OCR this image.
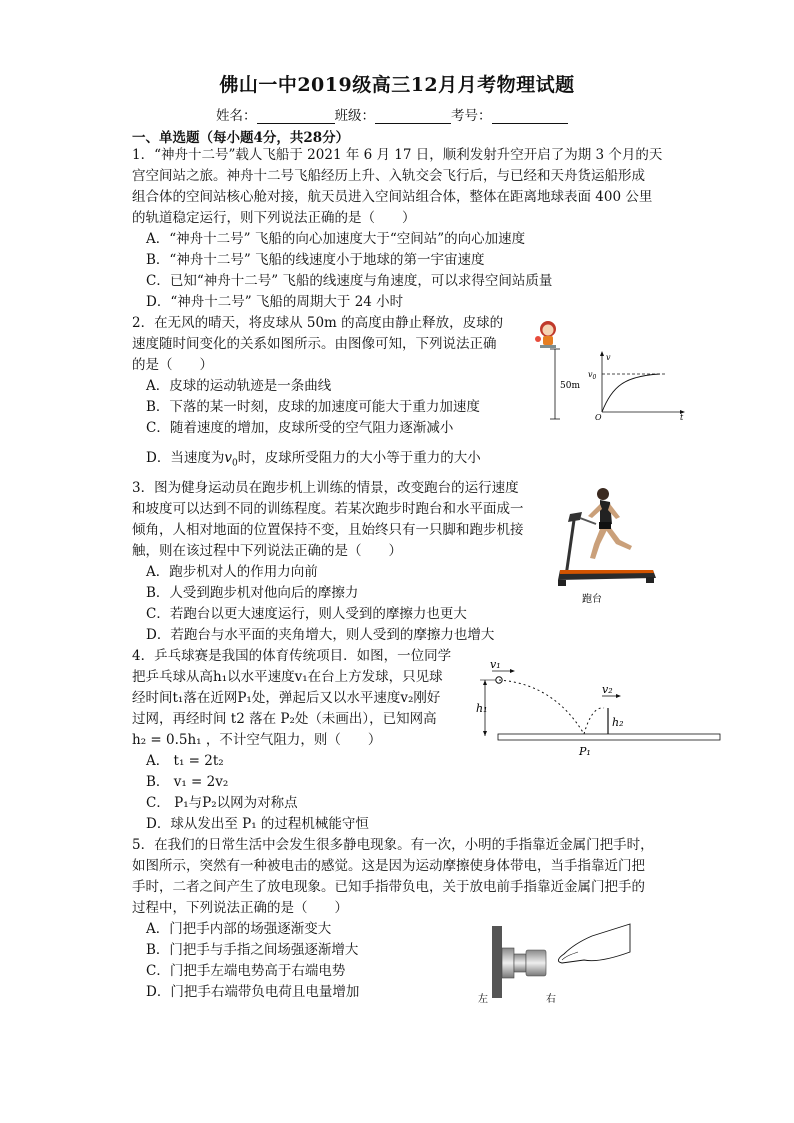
佛山一中2019级高三12月月考物理试题
姓名：	班级：	考号：
一、单选题（每小题4分，共28分）
1．“神舟十二号”载人飞船于 2021 年 6 月 17 日，顺利发射升空开启了为期 3 个月的天
宫空间站之旅。神舟十二号飞船经历上升、入轨交会飞行后，与已经和天舟货运船形成
组合体的空间站核心舱对接，航天员进入空间站组合体，整体在距离地球表面 400 公里
的轨道稳定运行，则下列说法正确的是（　　）
A．“神舟十二号” 飞船的向心加速度大于“空间站”的向心加速度
B．“神舟十二号” 飞船的线速度小于地球的第一宇宙速度
C．已知“神舟十二号” 飞船的线速度与角速度，可以求得空间站质量
D．“神舟十二号” 飞船的周期大于 24 小时
2．在无风的晴天，将皮球从 50m 的高度由静止释放，皮球的
速度随时间变化的关系如图所示。由图像可知，下列说法正确
的是（　　）
A．皮球的运动轨迹是一条曲线
B．下落的某一时刻，皮球的加速度可能大于重力加速度
C．随着速度的增加，皮球所受的空气阻力逐渐减小
D．当速度为$v_0$时，皮球所受阻力的大小等于重力的大小
50m
v
$v_0$
O	t
3．图为健身运动员在跑步机上训练的情景，改变跑台的运行速度
和坡度可以达到不同的训练程度。若某次跑步时跑台和水平面成一
倾角，人相对地面的位置保持不变，且始终只有一只脚和跑步机接
触，则在该过程中下列说法正确的是（　　）
A．跑步机对人的作用力向前
B．人受到跑步机对他向后的摩擦力
C．若跑台以更大速度运行，则人受到的摩擦力也更大
D．若跑台与水平面的夹角增大，则人受到的摩擦力也增大
跑台
4．乒乓球赛是我国的体育传统项目．如图，一位同学
把乒乓球从高h₁以水平速度v₁在台上方发球，只见球
经时间t₁落在近网P₁处，弹起后又以水平速度v₂刚好
过网，再经时间 t2 落在 P₂处（未画出），已知网高
h₂ = 0.5h₁ ，不计空气阻力，则（　　）
A． t₁ = 2t₂
B． v₁ = 2v₂
C． P₁与P₂以网为对称点
D．球从发出至 P₁ 的过程机械能守恒
v₁
h₁
v₂
h₂
P₁
5．在我们的日常生活中会发生很多静电现象。有一次，小明的手指靠近金属门把手时，
如图所示，突然有一种被电击的感觉。这是因为运动摩擦使身体带电，当手指靠近门把
手时，二者之间产生了放电现象。已知手指带负电，关于放电前手指靠近金属门把手的
过程中，下列说法正确的是（　　）
A．门把手内部的场强逐渐变大
B．门把手与手指之间场强逐渐增大
C．门把手左端电势高于右端电势
D．门把手右端带负电荷且电量增加	左	右
